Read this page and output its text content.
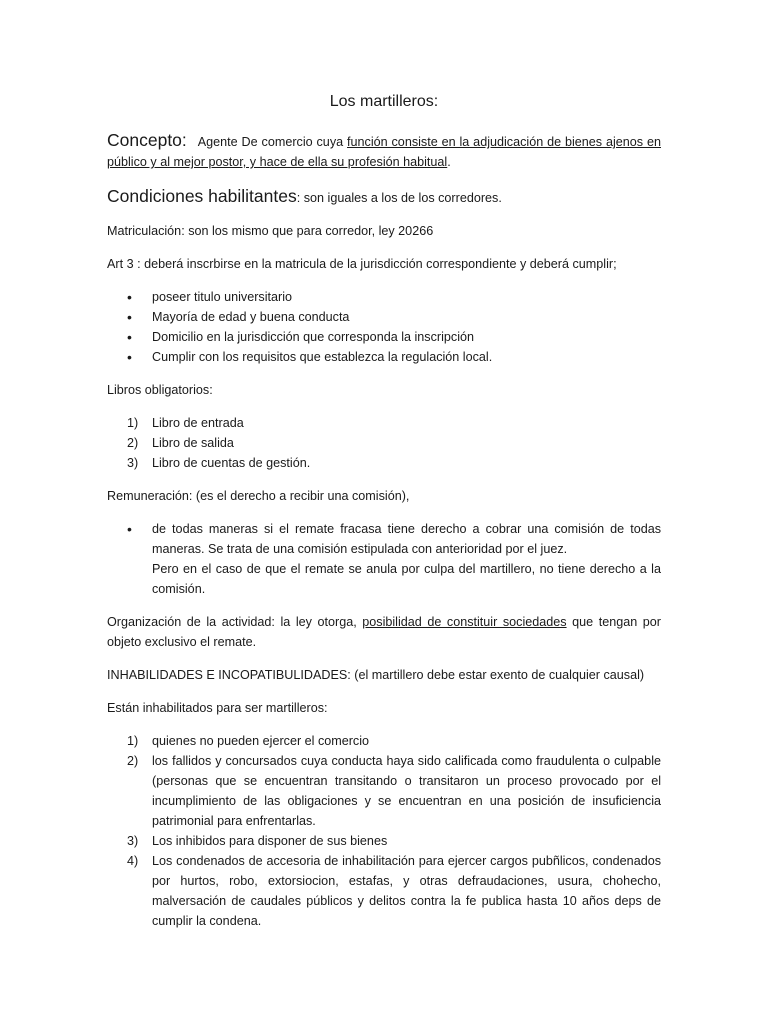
Los martilleros:

Concepto: Agente De comercio cuya función consiste en la adjudicación de bienes ajenos en público y al mejor postor, y hace de ella su profesión habitual.

Condiciones habilitantes: son iguales a los de los corredores.

Matriculación: son los mismo que para corredor, ley 20266

Art 3 : deberá inscrbirse en la matricula de la jurisdicción correspondiente y deberá cumplir;

• poseer titulo universitario
• Mayoría de edad y buena conducta
• Domicilio en la jurisdicción que corresponda la inscripción
• Cumplir con los requisitos que establezca la regulación local.

Libros obligatorios:

1) Libro de entrada
2) Libro de salida
3) Libro de cuentas de gestión.

Remuneración: (es el derecho a recibir una comisión),

• de todas maneras si el remate fracasa tiene derecho a cobrar una comisión de todas maneras. Se trata de una comisión estipulada con anterioridad por el juez.
Pero en el caso de que el remate se anula por culpa del martillero, no tiene derecho a la comisión.

Organización de la actividad: la ley otorga, posibilidad de constituir sociedades que tengan por objeto exclusivo el remate.

INHABILIDADES E INCOPATIBULIDADES: (el martillero debe estar exento de cualquier causal)

Están inhabilitados para ser martilleros:

1) quienes no pueden ejercer el comercio
2) los fallidos y concursados cuya conducta haya sido calificada como fraudulenta o culpable (personas que se encuentran transitando o transitaron un proceso provocado por el incumplimiento de las obligaciones y se encuentran en una posición de insuficiencia patrimonial para enfrentarlas.
3) Los inhibidos para disponer de sus bienes
4) Los condenados de accesoria de inhabilitación para ejercer cargos pubñlicos, condenados por hurtos, robo, extorsiocion, estafas, y otras defraudaciones, usura, chohecho, malversación de caudales públicos y delitos contra la fe publica hasta 10 años deps de cumplir la condena.
